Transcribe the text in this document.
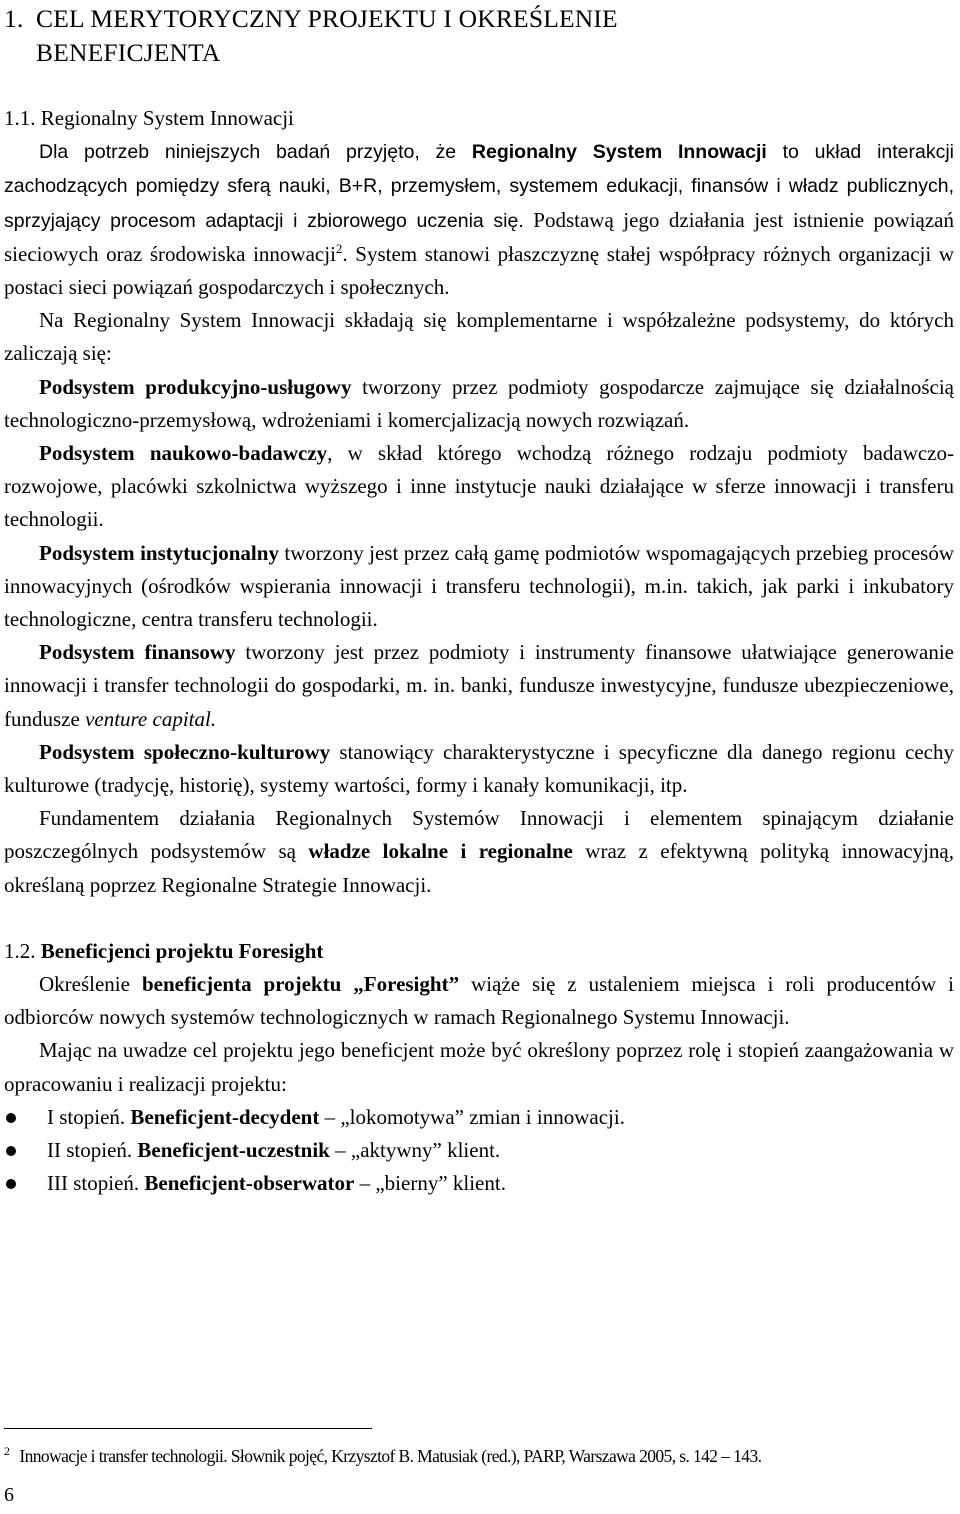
1. CEL MERYTORYCZNY PROJEKTU I OKREŚLENIE
BENEFICJENTA

1.1. Regionalny System Innowacji

Dla potrzeb niniejszych badań przyjęto, że Regionalny System Innowacji to układ interakcji zachodzących pomiędzy sferą nauki, B+R, przemysłem, systemem edukacji, finansów i władz publicznych, sprzyjający procesom adaptacji i zbiorowego uczenia się. Podstawą jego działania jest istnienie powiązań sieciowych oraz środowiska innowacji$^2$. System stanowi płaszczyznę stałej współpracy różnych organizacji w postaci sieci powiązań gospodarczych i społecznych.

Na Regionalny System Innowacji składają się komplementarne i współzależne podsystemy, do których zaliczają się:

Podsystem produkcyjno-usługowy tworzony przez podmioty gospodarcze zajmujące się działalnością technologiczno-przemysłową, wdrożeniami i komercjalizacją nowych rozwiązań.

Podsystem naukowo-badawczy, w skład którego wchodzą różnego rodzaju podmioty badawczo-rozwojowe, placówki szkolnictwa wyższego i inne instytucje nauki działające w sferze innowacji i transferu technologii.

Podsystem instytucjonalny tworzony jest przez całą gamę podmiotów wspomagających przebieg procesów innowacyjnych (ośrodków wspierania innowacji i transferu technologii), m.in. takich, jak parki i inkubatory technologiczne, centra transferu technologii.

Podsystem finansowy tworzony jest przez podmioty i instrumenty finansowe ułatwiające generowanie innowacji i transfer technologii do gospodarki, m. in. banki, fundusze inwestycyjne, fundusze ubezpieczeniowe, fundusze venture capital.

Podsystem społeczno-kulturowy stanowiący charakterystyczne i specyficzne dla danego regionu cechy kulturowe (tradycję, historię), systemy wartości, formy i kanały komunikacji, itp.

Fundamentem działania Regionalnych Systemów Innowacji i elementem spinającym działanie poszczególnych podsystemów są władze lokalne i regionalne wraz z efektywną polityką innowacyjną, określaną poprzez Regionalne Strategie Innowacji.

1.2. Beneficjenci projektu Foresight

Określenie beneficjenta projektu „Foresight” wiąże się z ustaleniem miejsca i roli producentów i odbiorców nowych systemów technologicznych w ramach Regionalnego Systemu Innowacji.

Mając na uwadze cel projektu jego beneficjent może być określony poprzez rolę i stopień zaangażowania w opracowaniu i realizacji projektu:

I stopień. Beneficjent-decydent – „lokomotywa” zmian i innowacji.
II stopień. Beneficjent-uczestnik – „aktywny” klient.
III stopień. Beneficjent-obserwator – „bierny” klient.
$^2$ Innowacje i transfer technologii. Słownik pojęć, Krzysztof B. Matusiak (red.), PARP, Warszawa 2005, s. 142 – 143.
6
